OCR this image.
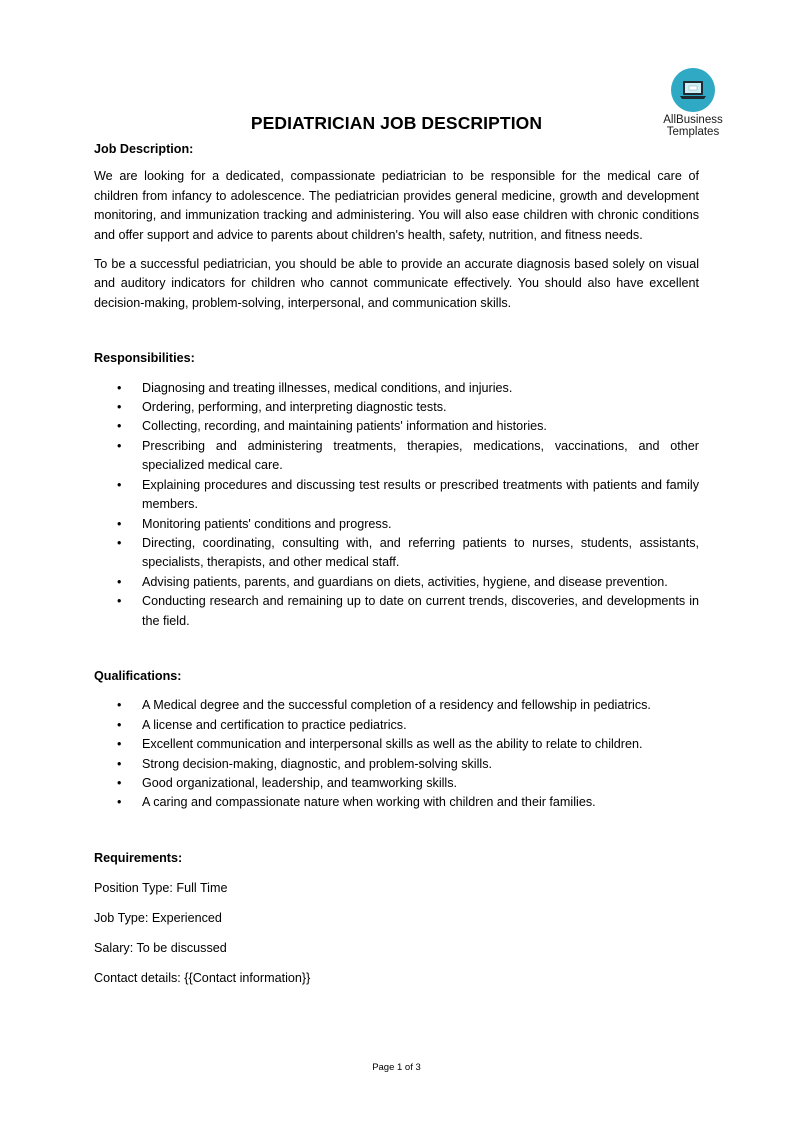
AllBusiness
Templates
PEDIATRICIAN JOB DESCRIPTION

Job Description:

We are looking for a dedicated, compassionate pediatrician to be responsible for the medical care of children from infancy to adolescence. The pediatrician provides general medicine, growth and development monitoring, and immunization tracking and administering. You will also ease children with chronic conditions and offer support and advice to parents about children's health, safety, nutrition, and fitness needs.

To be a successful pediatrician, you should be able to provide an accurate diagnosis based solely on visual and auditory indicators for children who cannot communicate effectively. You should also have excellent decision-making, problem-solving, interpersonal, and communication skills.

Responsibilities:

• Diagnosing and treating illnesses, medical conditions, and injuries.
• Ordering, performing, and interpreting diagnostic tests.
• Collecting, recording, and maintaining patients' information and histories.
• Prescribing and administering treatments, therapies, medications, vaccinations, and other specialized medical care.
• Explaining procedures and discussing test results or prescribed treatments with patients and family members.
• Monitoring patients' conditions and progress.
• Directing, coordinating, consulting with, and referring patients to nurses, students, assistants, specialists, therapists, and other medical staff.
• Advising patients, parents, and guardians on diets, activities, hygiene, and disease prevention.
• Conducting research and remaining up to date on current trends, discoveries, and developments in the field.

Qualifications:

• A Medical degree and the successful completion of a residency and fellowship in pediatrics.
• A license and certification to practice pediatrics.
• Excellent communication and interpersonal skills as well as the ability to relate to children.
• Strong decision-making, diagnostic, and problem-solving skills.
• Good organizational, leadership, and teamworking skills.
• A caring and compassionate nature when working with children and their families.

Requirements:

Position Type: Full Time

Job Type: Experienced

Salary: To be discussed

Contact details: {{Contact information}}

Page 1 of 3
